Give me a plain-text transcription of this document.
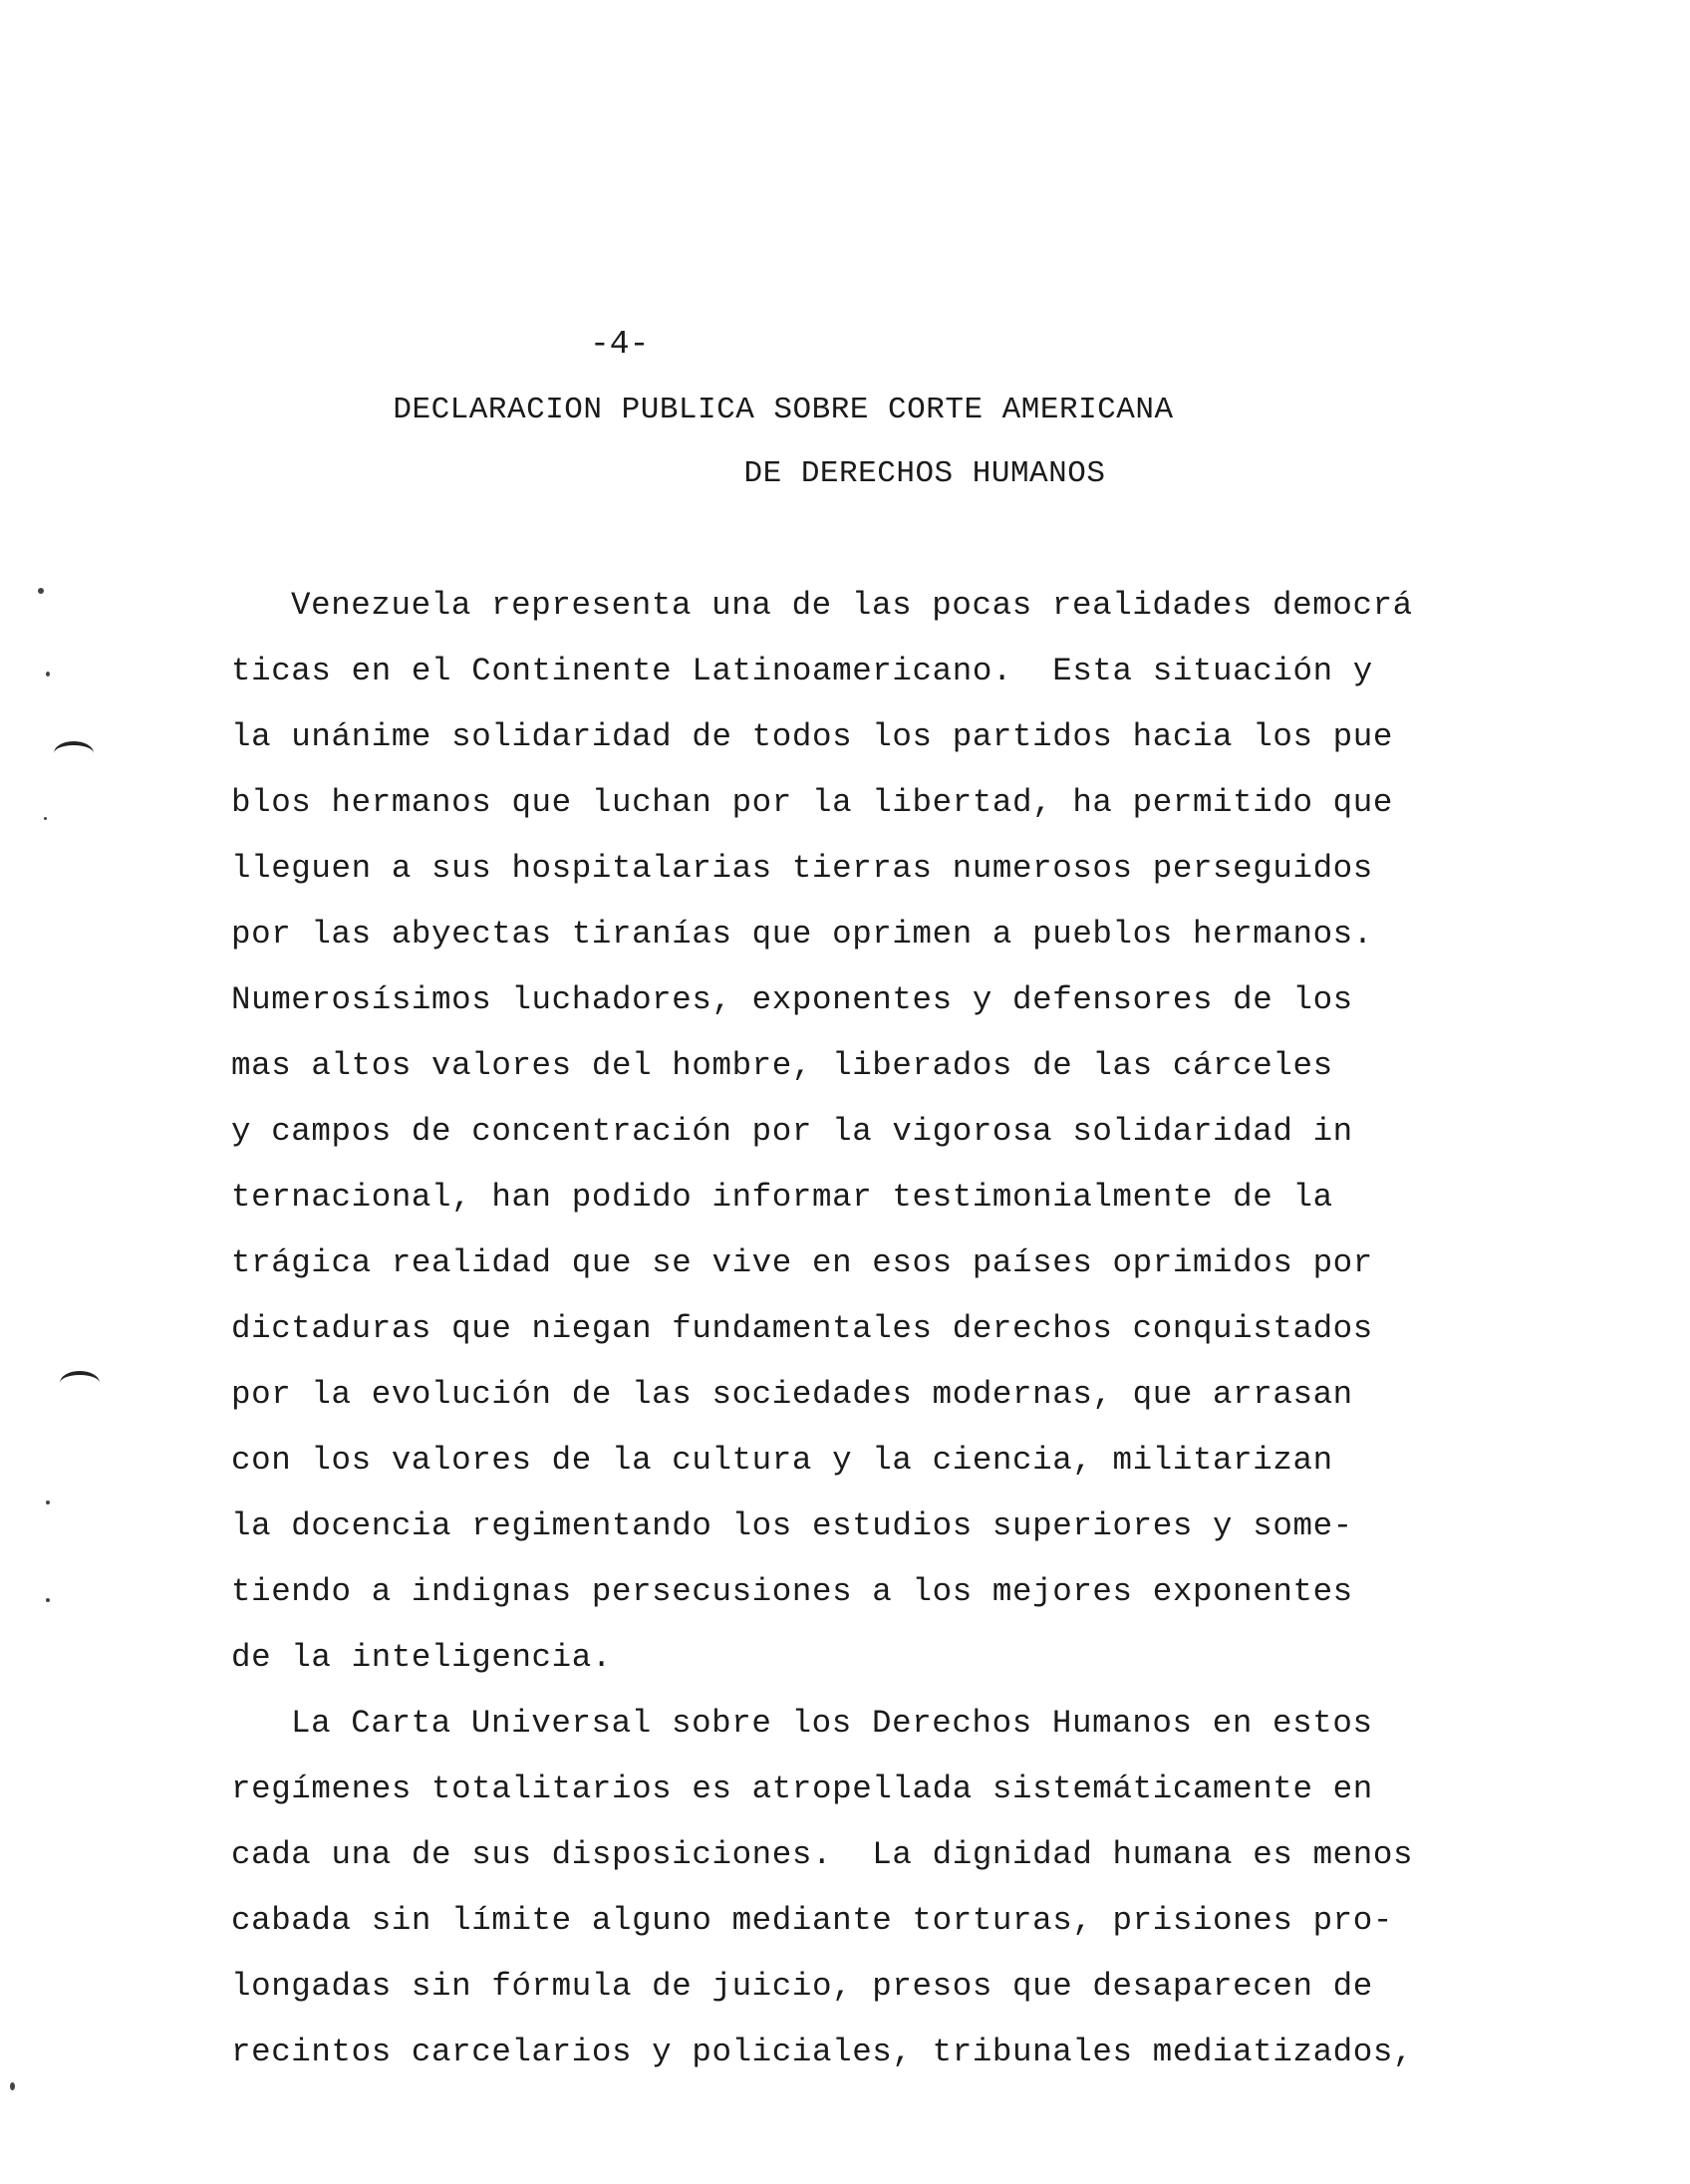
-4-
DECLARACION PUBLICA SOBRE CORTE AMERICANA
DE DERECHOS HUMANOS
Venezuela representa una de las pocas realidades democrá
ticas en el Continente Latinoamericano.  Esta situación y
la unánime solidaridad de todos los partidos hacia los pue
blos hermanos que luchan por la libertad, ha permitido que
lleguen a sus hospitalarias tierras numerosos perseguidos
por las abyectas tiranías que oprimen a pueblos hermanos.
Numerosísimos luchadores, exponentes y defensores de los
mas altos valores del hombre, liberados de las cárceles
y campos de concentración por la vigorosa solidaridad in
ternacional, han podido informar testimonialmente de la
trágica realidad que se vive en esos países oprimidos por
dictaduras que niegan fundamentales derechos conquistados
por la evolución de las sociedades modernas, que arrasan
con los valores de la cultura y la ciencia, militarizan
la docencia regimentando los estudios superiores y some-
tiendo a indignas persecusiones a los mejores exponentes
de la inteligencia.
La Carta Universal sobre los Derechos Humanos en estos
regímenes totalitarios es atropellada sistemáticamente en
cada una de sus disposiciones.  La dignidad humana es menos
cabada sin límite alguno mediante torturas, prisiones pro-
longadas sin fórmula de juicio, presos que desaparecen de
recintos carcelarios y policiales, tribunales mediatizados,
